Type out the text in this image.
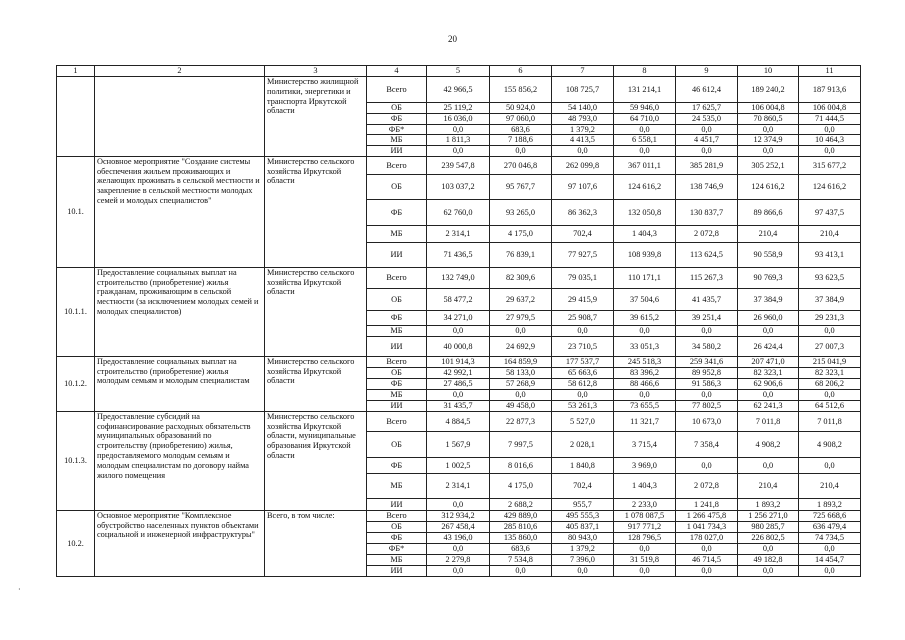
20
1	2	3	4	5	6	7	8	9	10	11
		Министерство жилищной политики, энергетики и транспорта Иркутской области	Всего	42 966,5	155 856,2	108 725,7	131 214,1	46 612,4	189 240,2	187 913,6
			ОБ	25 119,2	50 924,0	54 140,0	59 946,0	17 625,7	106 004,8	106 004,8
			ФБ	16 036,0	97 060,0	48 793,0	64 710,0	24 535,0	70 860,5	71 444,5
			ФБ*	0,0	683,6	1 379,2	0,0	0,0	0,0	0,0
			МБ	1 811,3	7 188,6	4 413,5	6 558,1	4 451,7	12 374,9	10 464,3
			ИИ	0,0	0,0	0,0	0,0	0,0	0,0	0,0
10.1.	Основное мероприятие "Создание системы обеспечения жильем проживающих и желающих проживать в сельской местности и закрепление в сельской местности молодых семей и молодых специалистов"	Министерство сельского хозяйства Иркутской области	Всего	239 547,8	270 046,8	262 099,8	367 011,1	385 281,9	305 252,1	315 677,2
			ОБ	103 037,2	95 767,7	97 107,6	124 616,2	138 746,9	124 616,2	124 616,2
			ФБ	62 760,0	93 265,0	86 362,3	132 050,8	130 837,7	89 866,6	97 437,5
			МБ	2 314,1	4 175,0	702,4	1 404,3	2 072,8	210,4	210,4
			ИИ	71 436,5	76 839,1	77 927,5	108 939,8	113 624,5	90 558,9	93 413,1
10.1.1.	Предоставление социальных выплат на строительство (приобретение) жилья гражданам, проживающим в сельской местности (за исключением молодых семей и молодых специалистов)	Министерство сельского хозяйства Иркутской области	Всего	132 749,0	82 309,6	79 035,1	110 171,1	115 267,3	90 769,3	93 623,5
			ОБ	58 477,2	29 637,2	29 415,9	37 504,6	41 435,7	37 384,9	37 384,9
			ФБ	34 271,0	27 979,5	25 908,7	39 615,2	39 251,4	26 960,0	29 231,3
			МБ	0,0	0,0	0,0	0,0	0,0	0,0	0,0
			ИИ	40 000,8	24 692,9	23 710,5	33 051,3	34 580,2	26 424,4	27 007,3
10.1.2.	Предоставление социальных выплат на строительство (приобретение) жилья молодым семьям и молодым специалистам	Министерство сельского хозяйства Иркутской области	Всего	101 914,3	164 859,9	177 537,7	245 518,3	259 341,6	207 471,0	215 041,9
			ОБ	42 992,1	58 133,0	65 663,6	83 396,2	89 952,8	82 323,1	82 323,1
			ФБ	27 486,5	57 268,9	58 612,8	88 466,6	91 586,3	62 906,6	68 206,2
			МБ	0,0	0,0	0,0	0,0	0,0	0,0	0,0
			ИИ	31 435,7	49 458,0	53 261,3	73 655,5	77 802,5	62 241,3	64 512,6
10.1.3.	Предоставление субсидий на софинансирование расходных обязательств муниципальных образований по строительству (приобретению) жилья, предоставляемого молодым семьям и молодым специалистам по договору найма жилого помещения	Министерство сельского хозяйства Иркутской области, муниципальные образования Иркутской области	Всего	4 884,5	22 877,3	5 527,0	11 321,7	10 673,0	7 011,8	7 011,8
			ОБ	1 567,9	7 997,5	2 028,1	3 715,4	7 358,4	4 908,2	4 908,2
			ФБ	1 002,5	8 016,6	1 840,8	3 969,0	0,0	0,0	0,0
			МБ	2 314,1	4 175,0	702,4	1 404,3	2 072,8	210,4	210,4
			ИИ	0,0	2 688,2	955,7	2 233,0	1 241,8	1 893,2	1 893,2
10.2.	Основное мероприятие "Комплексное обустройство населенных пунктов объектами социальной и инженерной инфраструктуры"	Всего, в том числе:	Всего	312 934,2	429 889,0	495 555,3	1 078 087,5	1 266 475,8	1 256 271,0	725 668,6
			ОБ	267 458,4	285 810,6	405 837,1	917 771,2	1 041 734,3	980 285,7	636 479,4
			ФБ	43 196,0	135 860,0	80 943,0	128 796,5	178 027,0	226 802,5	74 734,5
			ФБ*	0,0	683,6	1 379,2	0,0	0,0	0,0	0,0
			МБ	2 279,8	7 534,8	7 396,0	31 519,8	46 714,5	49 182,8	14 454,7
			ИИ	0,0	0,0	0,0	0,0	0,0	0,0	0,0
·
